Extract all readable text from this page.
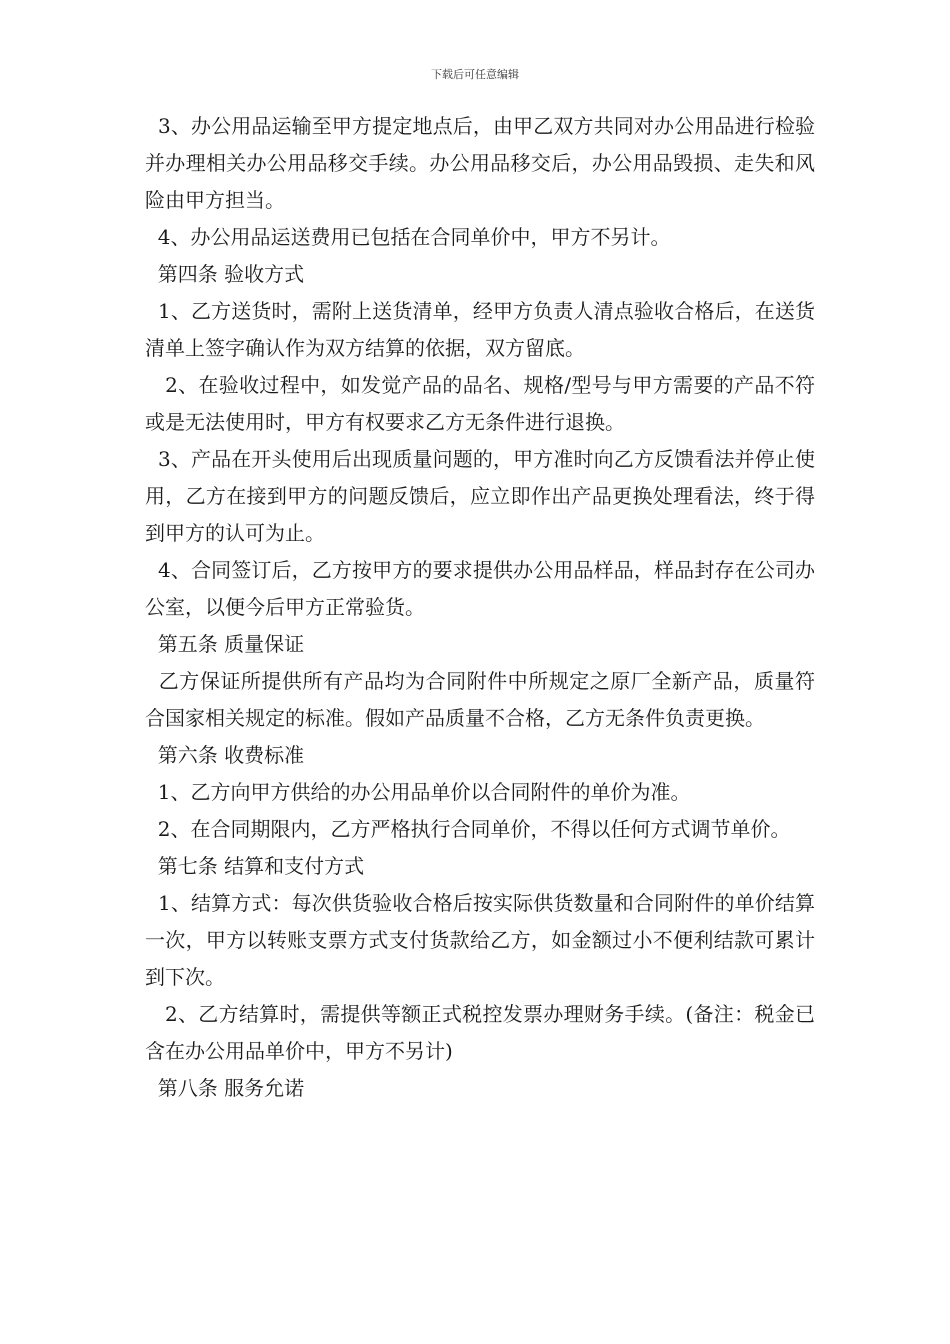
下载后可任意编辑

3、办公用品运输至甲方提定地点后，由甲乙双方共同对办公用品进行检验并办理相关办公用品移交手续。办公用品移交后，办公用品毁损、走失和风险由甲方担当。

4、办公用品运送费用已包括在合同单价中，甲方不另计。

第四条 验收方式

1、乙方送货时，需附上送货清单，经甲方负责人清点验收合格后，在送货清单上签字确认作为双方结算的依据，双方留底。

2、在验收过程中，如发觉产品的品名、规格/型号与甲方需要的产品不符或是无法使用时，甲方有权要求乙方无条件进行退换。

3、产品在开头使用后出现质量问题的，甲方准时向乙方反馈看法并停止使用，乙方在接到甲方的问题反馈后，应立即作出产品更换处理看法，终于得到甲方的认可为止。

4、合同签订后，乙方按甲方的要求提供办公用品样品，样品封存在公司办公室，以便今后甲方正常验货。

第五条 质量保证

乙方保证所提供所有产品均为合同附件中所规定之原厂全新产品，质量符合国家相关规定的标准。假如产品质量不合格，乙方无条件负责更换。

第六条 收费标准

1、乙方向甲方供给的办公用品单价以合同附件的单价为准。

2、在合同期限内，乙方严格执行合同单价，不得以任何方式调节单价。

第七条 结算和支付方式

1、结算方式：每次供货验收合格后按实际供货数量和合同附件的单价结算一次，甲方以转账支票方式支付货款给乙方，如金额过小不便利结款可累计到下次。

2、乙方结算时，需提供等额正式税控发票办理财务手续。(备注：税金已含在办公用品单价中，甲方不另计)

第八条 服务允诺
